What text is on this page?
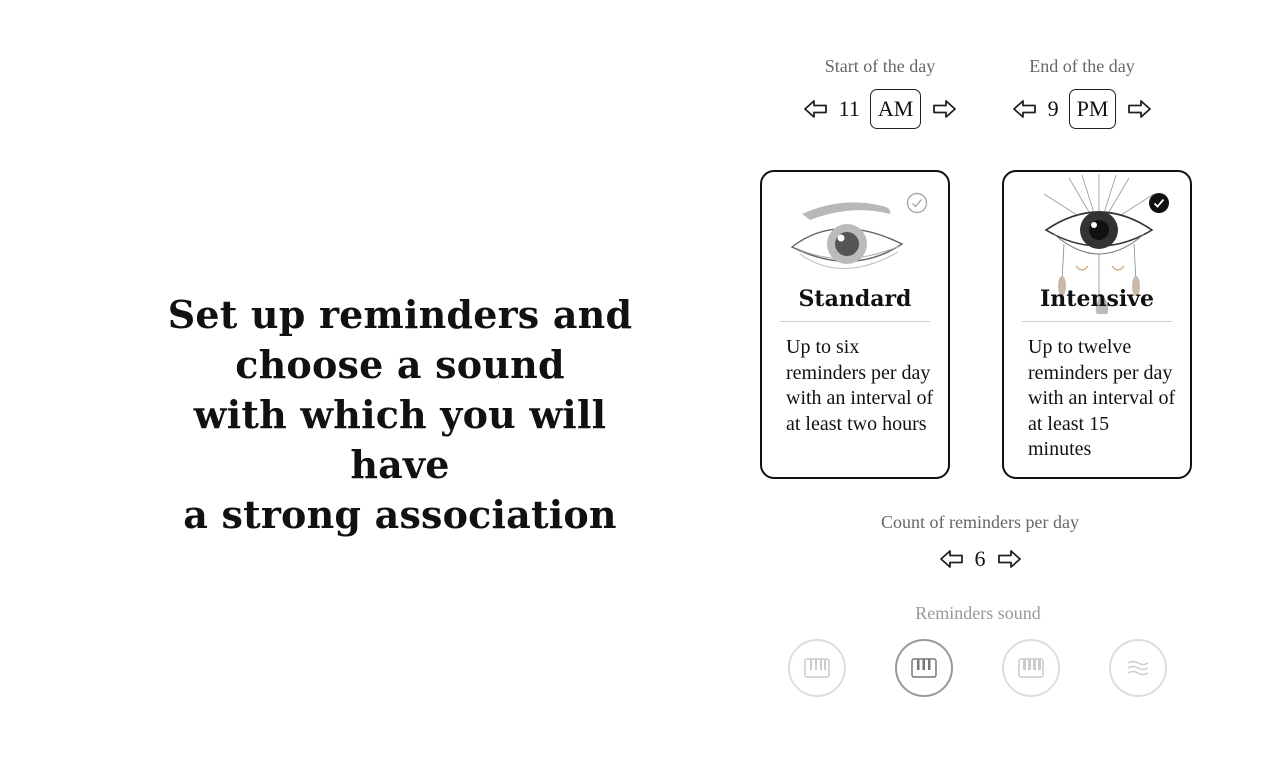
Set up reminders and
choose a sound
with which you will have
a strong association
Start of the day
11 AM
End of the day
9 PM
Standard
Up to six reminders per day with an interval of at least two hours
Intensive
Up to twelve reminders per day with an interval of at least 15 minutes
Count of reminders per day
6
Reminders sound
